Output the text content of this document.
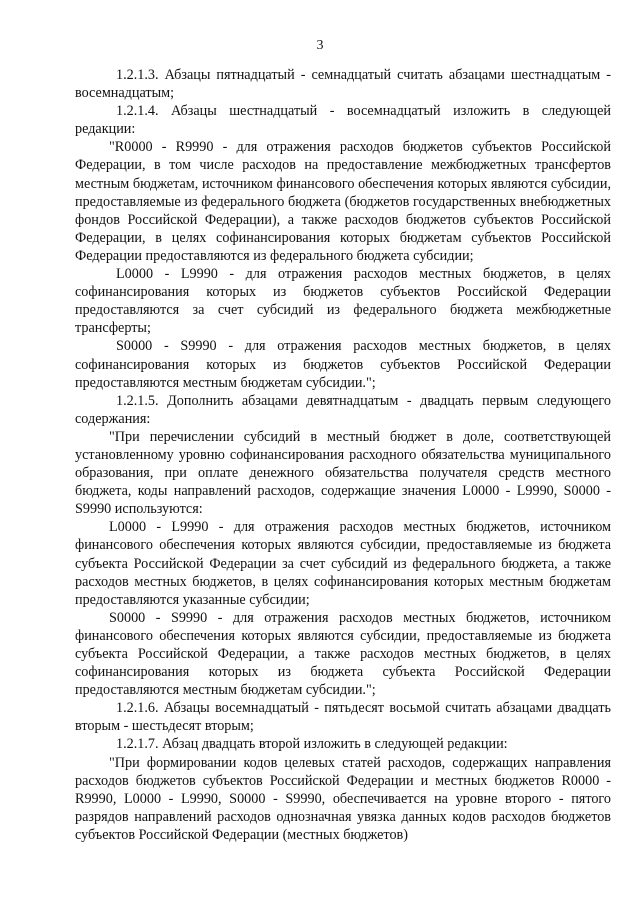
3

1.2.1.3. Абзацы пятнадцатый - семнадцатый считать абзацами шестнадцатым - восемнадцатым;

1.2.1.4. Абзацы шестнадцатый - восемнадцатый изложить в следующей редакции:

"R0000 - R9990 - для отражения расходов бюджетов субъектов Российской Федерации, в том числе расходов на предоставление межбюджетных трансфертов местным бюджетам, источником финансового обеспечения которых являются субсидии, предоставляемые из федерального бюджета (бюджетов государственных внебюджетных фондов Российской Федерации), а также расходов бюджетов субъектов Российской Федерации, в целях софинансирования которых бюджетам субъектов Российской Федерации предоставляются из федерального бюджета субсидии;

L0000 - L9990 - для отражения расходов местных бюджетов, в целях софинансирования которых из бюджетов субъектов Российской Федерации предоставляются за счет субсидий из федерального бюджета межбюджетные трансферты;

S0000 - S9990 - для отражения расходов местных бюджетов, в целях софинансирования которых из бюджетов субъектов Российской Федерации предоставляются местным бюджетам субсидии.";

1.2.1.5. Дополнить абзацами девятнадцатым - двадцать первым следующего содержания:

"При перечислении субсидий в местный бюджет в доле, соответствующей установленному уровню софинансирования расходного обязательства муниципального образования, при оплате денежного обязательства получателя средств местного бюджета, коды направлений расходов, содержащие значения L0000 - L9990, S0000 - S9990 используются:

L0000 - L9990 - для отражения расходов местных бюджетов, источником финансового обеспечения которых являются субсидии, предоставляемые из бюджета субъекта Российской Федерации за счет субсидий из федерального бюджета, а также расходов местных бюджетов, в целях софинансирования которых местным бюджетам предоставляются указанные субсидии;

S0000 - S9990 - для отражения расходов местных бюджетов, источником финансового обеспечения которых являются субсидии, предоставляемые из бюджета субъекта Российской Федерации, а также расходов местных бюджетов, в целях софинансирования которых из бюджета субъекта Российской Федерации предоставляются местным бюджетам субсидии.";

1.2.1.6. Абзацы восемнадцатый - пятьдесят восьмой считать абзацами двадцать вторым - шестьдесят вторым;

1.2.1.7. Абзац двадцать второй изложить в следующей редакции:

"При формировании кодов целевых статей расходов, содержащих направления расходов бюджетов субъектов Российской Федерации и местных бюджетов R0000 - R9990, L0000 - L9990, S0000 - S9990, обеспечивается на уровне второго - пятого разрядов направлений расходов однозначная увязка данных кодов расходов бюджетов субъектов Российской Федерации (местных бюджетов)
